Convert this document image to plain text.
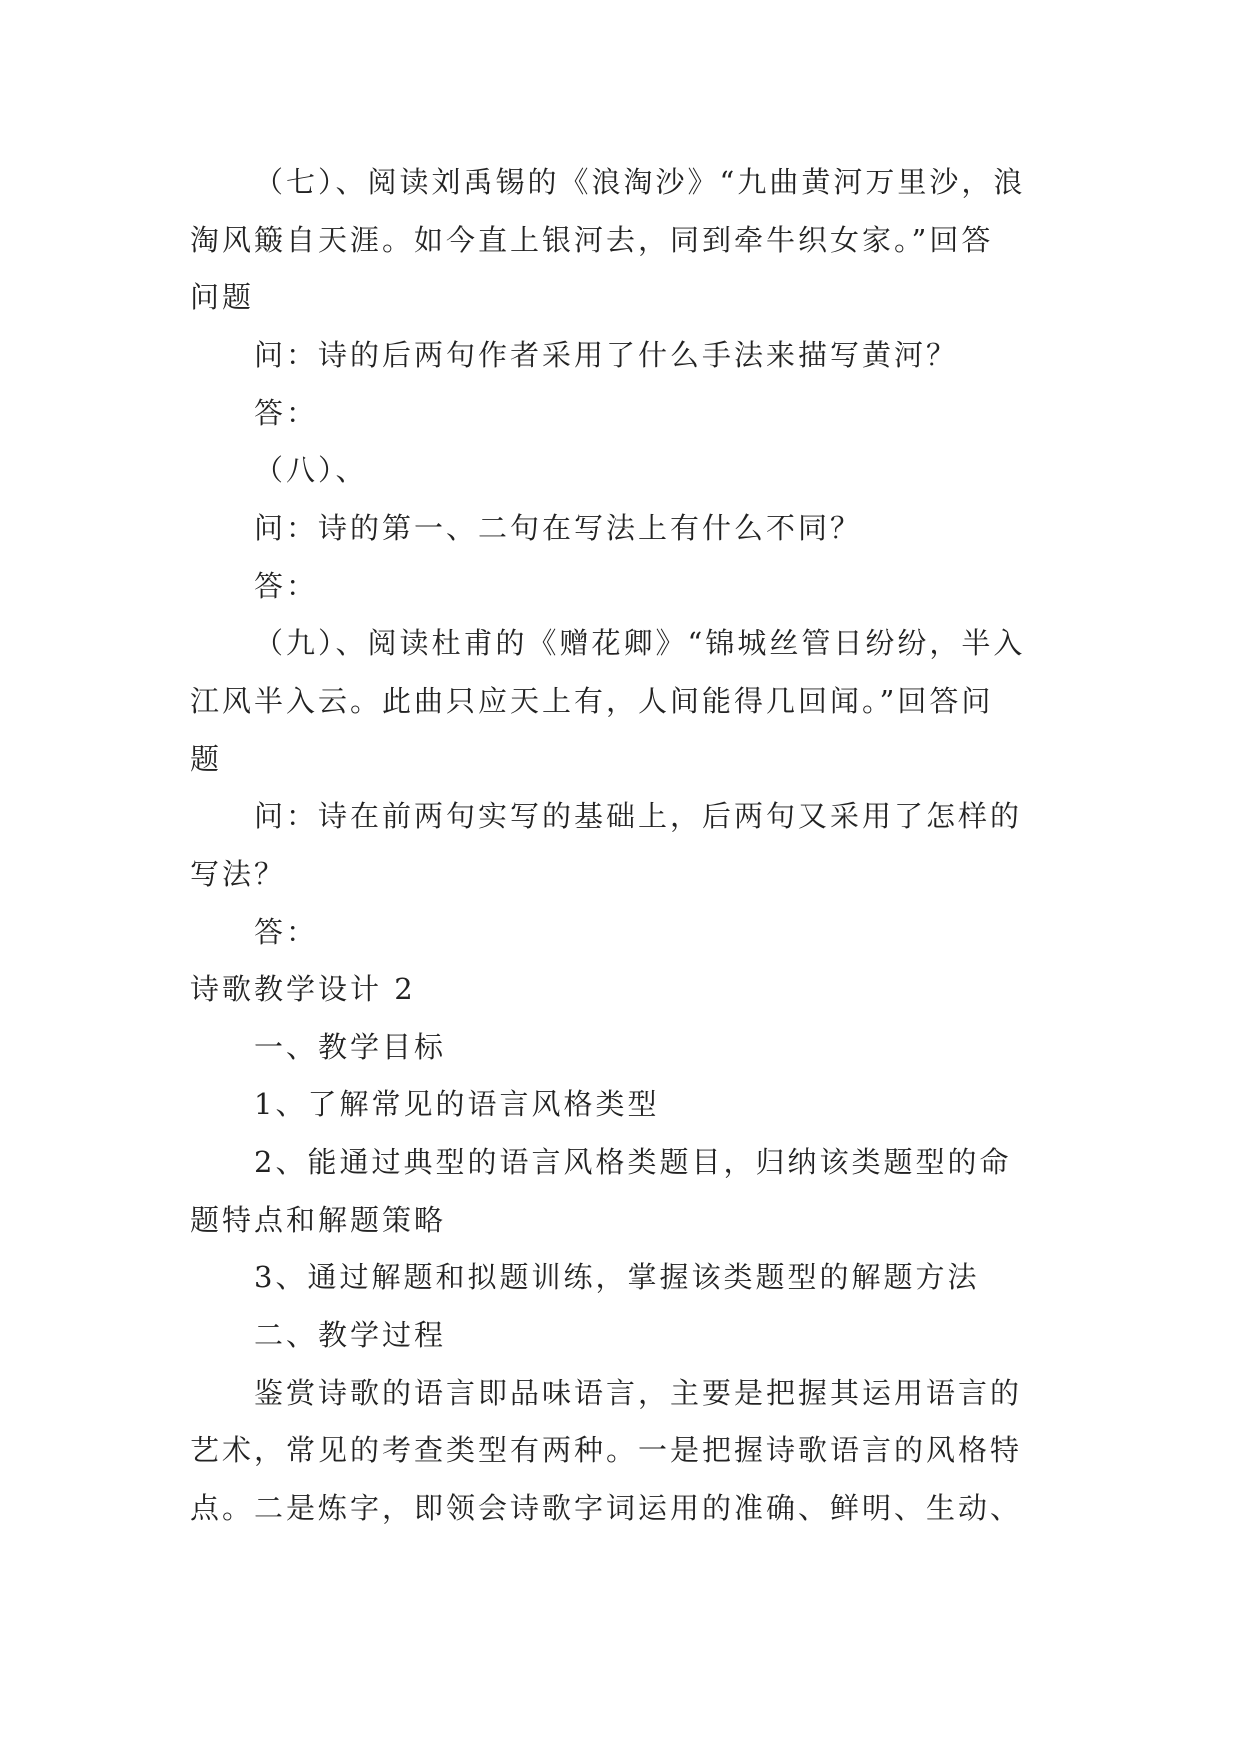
（七）、阅读刘禹锡的《浪淘沙》“九曲黄河万里沙，浪
淘风簸自天涯。如今直上银河去，同到牵牛织女家。”回答
问题
问：诗的后两句作者采用了什么手法来描写黄河？
答：
（八）、
问：诗的第一、二句在写法上有什么不同？
答：
（九）、阅读杜甫的《赠花卿》“锦城丝管日纷纷，半入
江风半入云。此曲只应天上有，人间能得几回闻。”回答问
题
问：诗在前两句实写的基础上，后两句又采用了怎样的
写法？
答：
诗歌教学设计 2
一、教学目标
1、了解常见的语言风格类型
2、能通过典型的语言风格类题目，归纳该类题型的命
题特点和解题策略
3、通过解题和拟题训练，掌握该类题型的解题方法
二、教学过程
鉴赏诗歌的语言即品味语言，主要是把握其运用语言的
艺术，常见的考查类型有两种。一是把握诗歌语言的风格特
点。二是炼字，即领会诗歌字词运用的准确、鲜明、生动、
